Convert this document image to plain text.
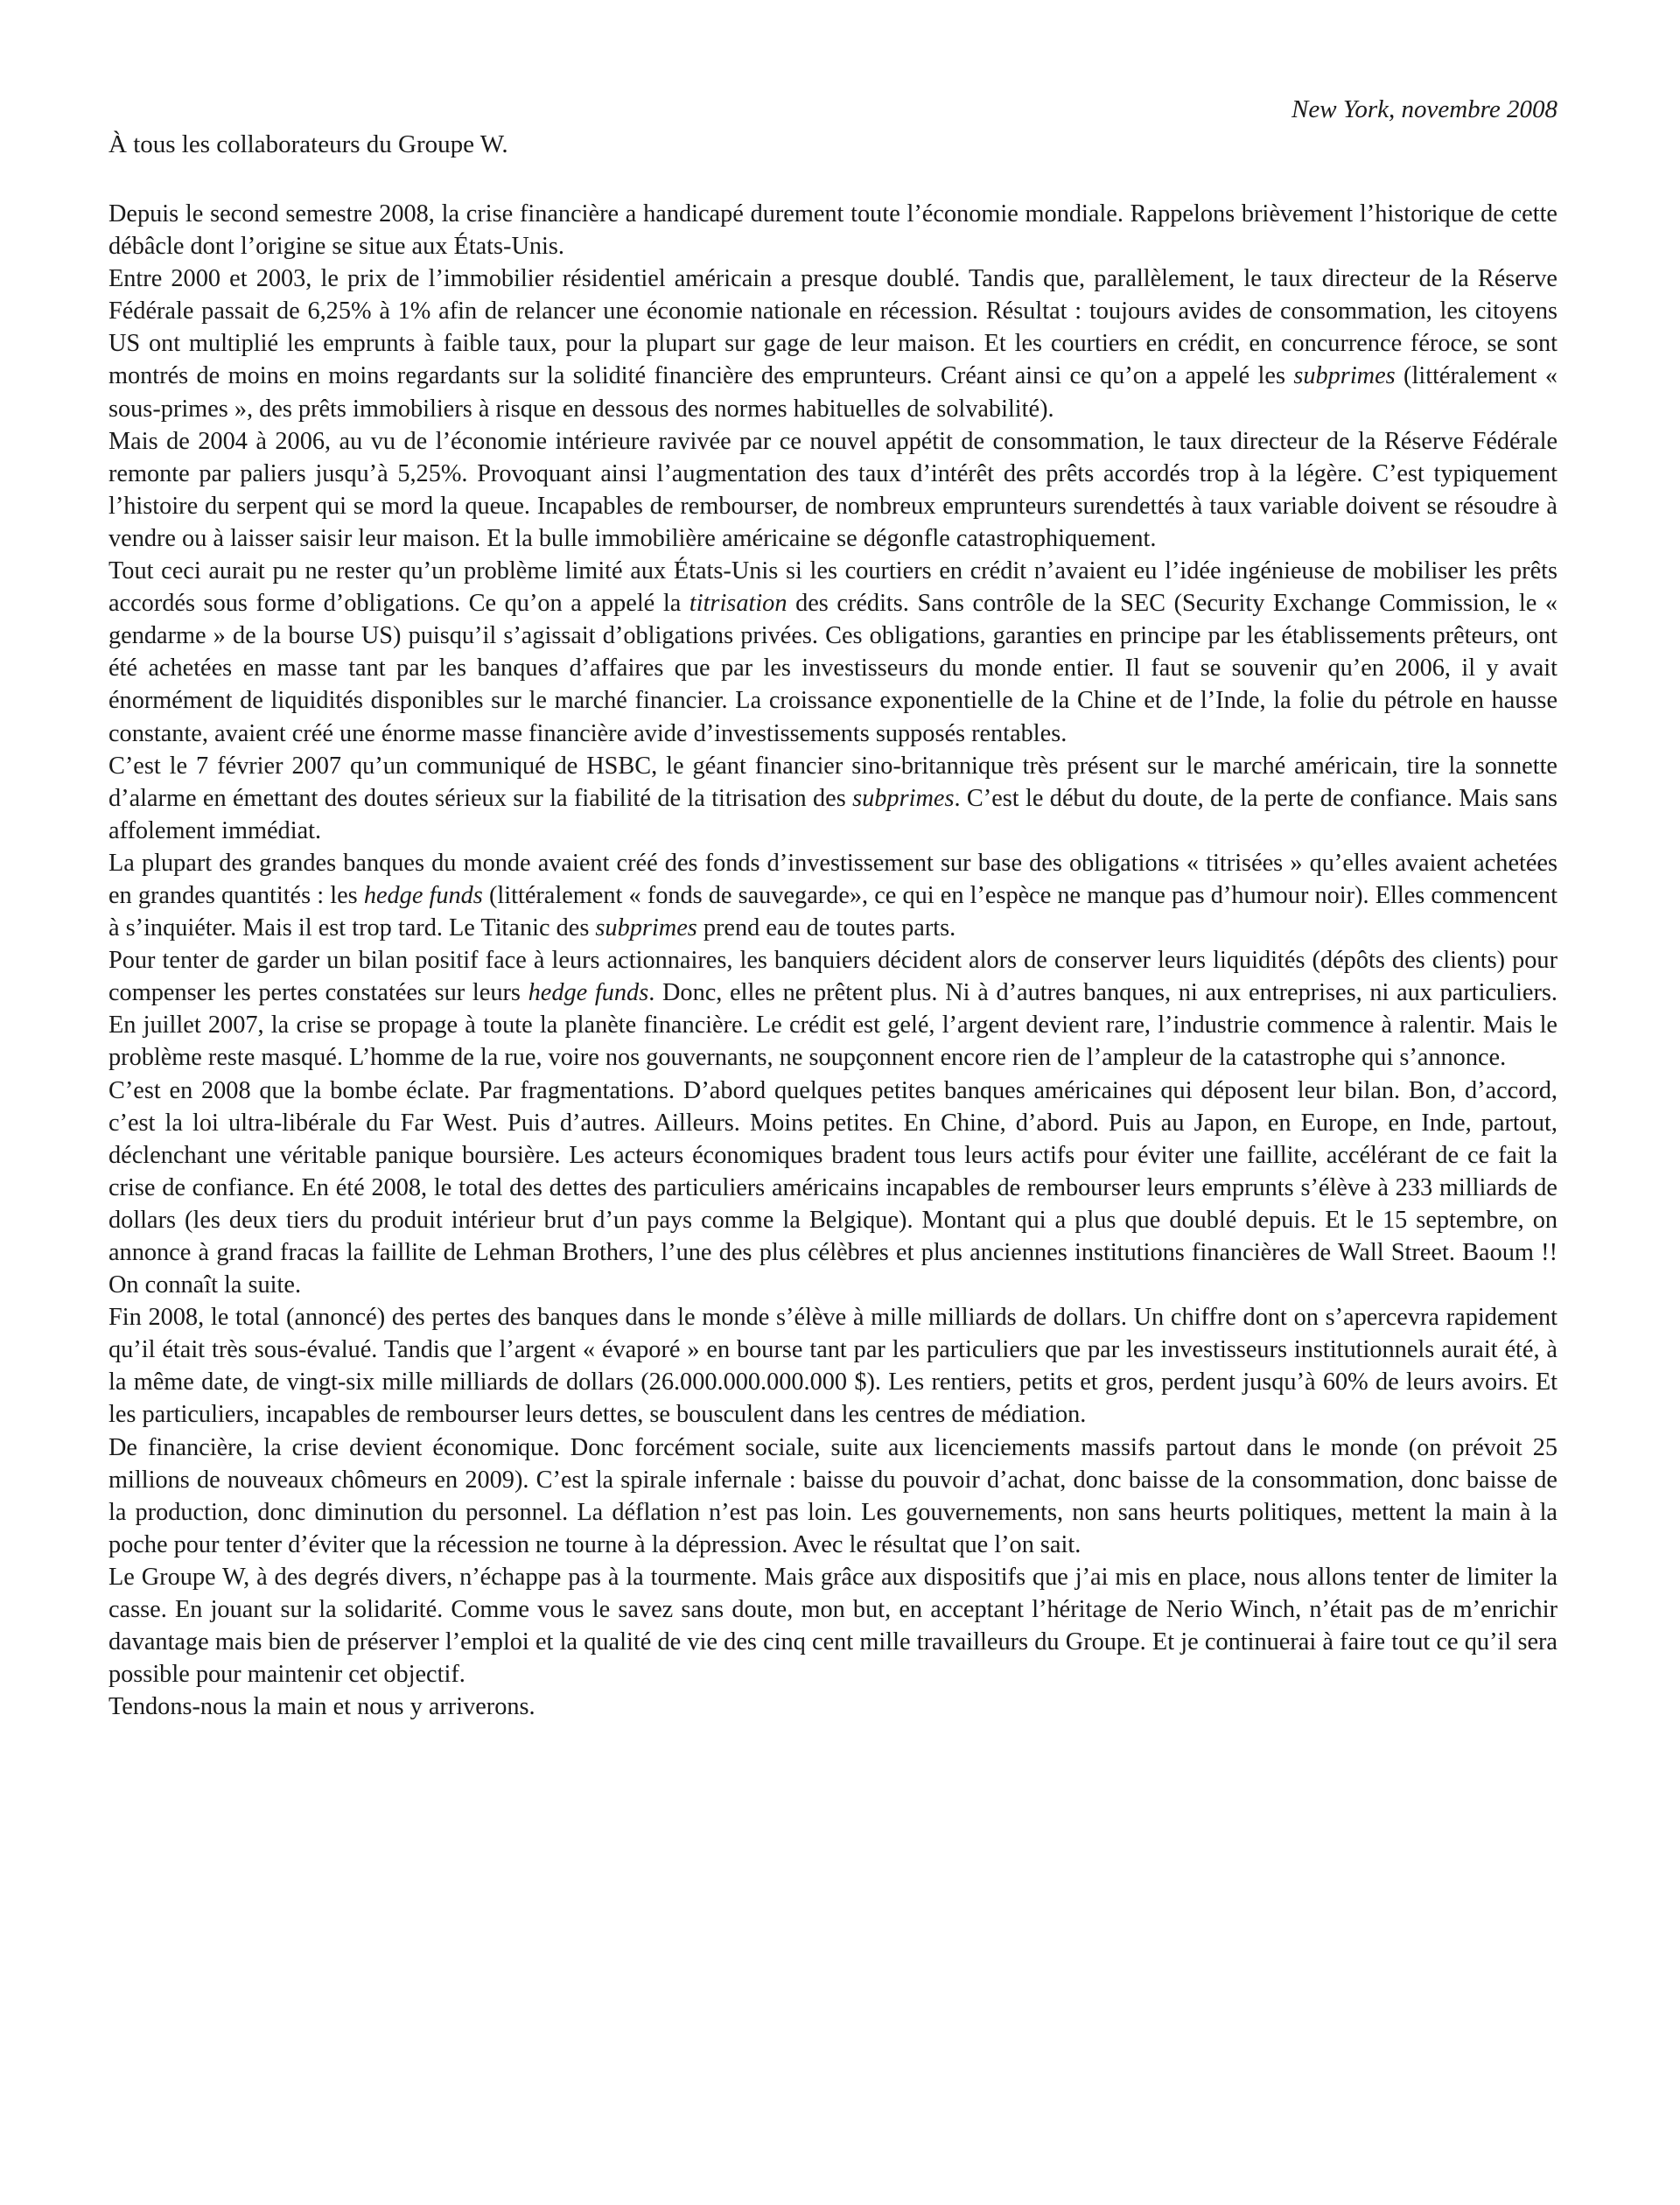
New York, novembre 2008

À tous les collaborateurs du Groupe W.

Depuis le second semestre 2008, la crise financière a handicapé durement toute l’économie mondiale. Rappelons brièvement l’historique de cette débâcle dont l’origine se situe aux États-Unis.

Entre 2000 et 2003, le prix de l’immobilier résidentiel américain a presque doublé. Tandis que, parallèlement, le taux directeur de la Réserve Fédérale passait de 6,25% à 1% afin de relancer une économie nationale en récession. Résultat : toujours avides de consommation, les citoyens US ont multiplié les emprunts à faible taux, pour la plupart sur gage de leur maison. Et les courtiers en crédit, en concurrence féroce, se sont montrés de moins en moins regardants sur la solidité financière des emprunteurs. Créant ainsi ce qu’on a appelé les subprimes (littéralement « sous-primes », des prêts immobiliers à risque en dessous des normes habituelles de solvabilité).

Mais de 2004 à 2006, au vu de l’économie intérieure ravivée par ce nouvel appétit de consommation, le taux directeur de la Réserve Fédérale remonte par paliers jusqu’à 5,25%. Provoquant ainsi l’augmentation des taux d’intérêt des prêts accordés trop à la légère. C’est typiquement l’histoire du serpent qui se mord la queue. Incapables de rembourser, de nombreux emprunteurs surendettés à taux variable doivent se résoudre à vendre ou à laisser saisir leur maison. Et la bulle immobilière américaine se dégonfle catastrophiquement.

Tout ceci aurait pu ne rester qu’un problème limité aux États-Unis si les courtiers en crédit n’avaient eu l’idée ingénieuse de mobiliser les prêts accordés sous forme d’obligations. Ce qu’on a appelé la titrisation des crédits. Sans contrôle de la SEC (Security Exchange Commission, le « gendarme » de la bourse US) puisqu’il s’agissait d’obligations privées. Ces obligations, garanties en principe par les établissements prêteurs, ont été achetées en masse tant par les banques d’affaires que par les investisseurs du monde entier. Il faut se souvenir qu’en 2006, il y avait énormément de liquidités disponibles sur le marché financier. La croissance exponentielle de la Chine et de l’Inde, la folie du pétrole en hausse constante, avaient créé une énorme masse financière avide d’investissements supposés rentables.

C’est le 7 février 2007 qu’un communiqué de HSBC, le géant financier sino-britannique très présent sur le marché américain, tire la sonnette d’alarme en émettant des doutes sérieux sur la fiabilité de la titrisation des subprimes. C’est le début du doute, de la perte de confiance. Mais sans affolement immédiat.

La plupart des grandes banques du monde avaient créé des fonds d’investissement sur base des obligations « titrisées » qu’elles avaient achetées en grandes quantités : les hedge funds (littéralement « fonds de sauvegarde», ce qui en l’espèce ne manque pas d’humour noir). Elles commencent à s’inquiéter. Mais il est trop tard. Le Titanic des subprimes prend eau de toutes parts.

Pour tenter de garder un bilan positif face à leurs actionnaires, les banquiers décident alors de conserver leurs liquidités (dépôts des clients) pour compenser les pertes constatées sur leurs hedge funds. Donc, elles ne prêtent plus. Ni à d’autres banques, ni aux entreprises, ni aux particuliers. En juillet 2007, la crise se propage à toute la planète financière. Le crédit est gelé, l’argent devient rare, l’industrie commence à ralentir. Mais le problème reste masqué. L’homme de la rue, voire nos gouvernants, ne soupçonnent encore rien de l’ampleur de la catastrophe qui s’annonce.

C’est en 2008 que la bombe éclate. Par fragmentations. D’abord quelques petites banques américaines qui déposent leur bilan. Bon, d’accord, c’est la loi ultra-libérale du Far West. Puis d’autres. Ailleurs. Moins petites. En Chine, d’abord. Puis au Japon, en Europe, en Inde, partout, déclenchant une véritable panique boursière. Les acteurs économiques bradent tous leurs actifs pour éviter une faillite, accélérant de ce fait la crise de confiance. En été 2008, le total des dettes des particuliers américains incapables de rembourser leurs emprunts s’élève à 233 milliards de dollars (les deux tiers du produit intérieur brut d’un pays comme la Belgique). Montant qui a plus que doublé depuis. Et le 15 septembre, on annonce à grand fracas la faillite de Lehman Brothers, l’une des plus célèbres et plus anciennes institutions financières de Wall Street. Baoum !! On connaît la suite.

Fin 2008, le total (annoncé) des pertes des banques dans le monde s’élève à mille milliards de dollars. Un chiffre dont on s’apercevra rapidement qu’il était très sous-évalué. Tandis que l’argent « évaporé » en bourse tant par les particuliers que par les investisseurs institutionnels aurait été, à la même date, de vingt-six mille milliards de dollars (26.000.000.000.000 $). Les rentiers, petits et gros, perdent jusqu’à 60% de leurs avoirs. Et les particuliers, incapables de rembourser leurs dettes, se bousculent dans les centres de médiation.

De financière, la crise devient économique. Donc forcément sociale, suite aux licenciements massifs partout dans le monde (on prévoit 25 millions de nouveaux chômeurs en 2009). C’est la spirale infernale : baisse du pouvoir d’achat, donc baisse de la consommation, donc baisse de la production, donc diminution du personnel. La déflation n’est pas loin. Les gouvernements, non sans heurts politiques, mettent la main à la poche pour tenter d’éviter que la récession ne tourne à la dépression. Avec le résultat que l’on sait.

Le Groupe W, à des degrés divers, n’échappe pas à la tourmente. Mais grâce aux dispositifs que j’ai mis en place, nous allons tenter de limiter la casse. En jouant sur la solidarité. Comme vous le savez sans doute, mon but, en acceptant l’héritage de Nerio Winch, n’était pas de m’enrichir davantage mais bien de préserver l’emploi et la qualité de vie des cinq cent mille travailleurs du Groupe. Et je continuerai à faire tout ce qu’il sera possible pour maintenir cet objectif.

Tendons-nous la main et nous y arriverons.
